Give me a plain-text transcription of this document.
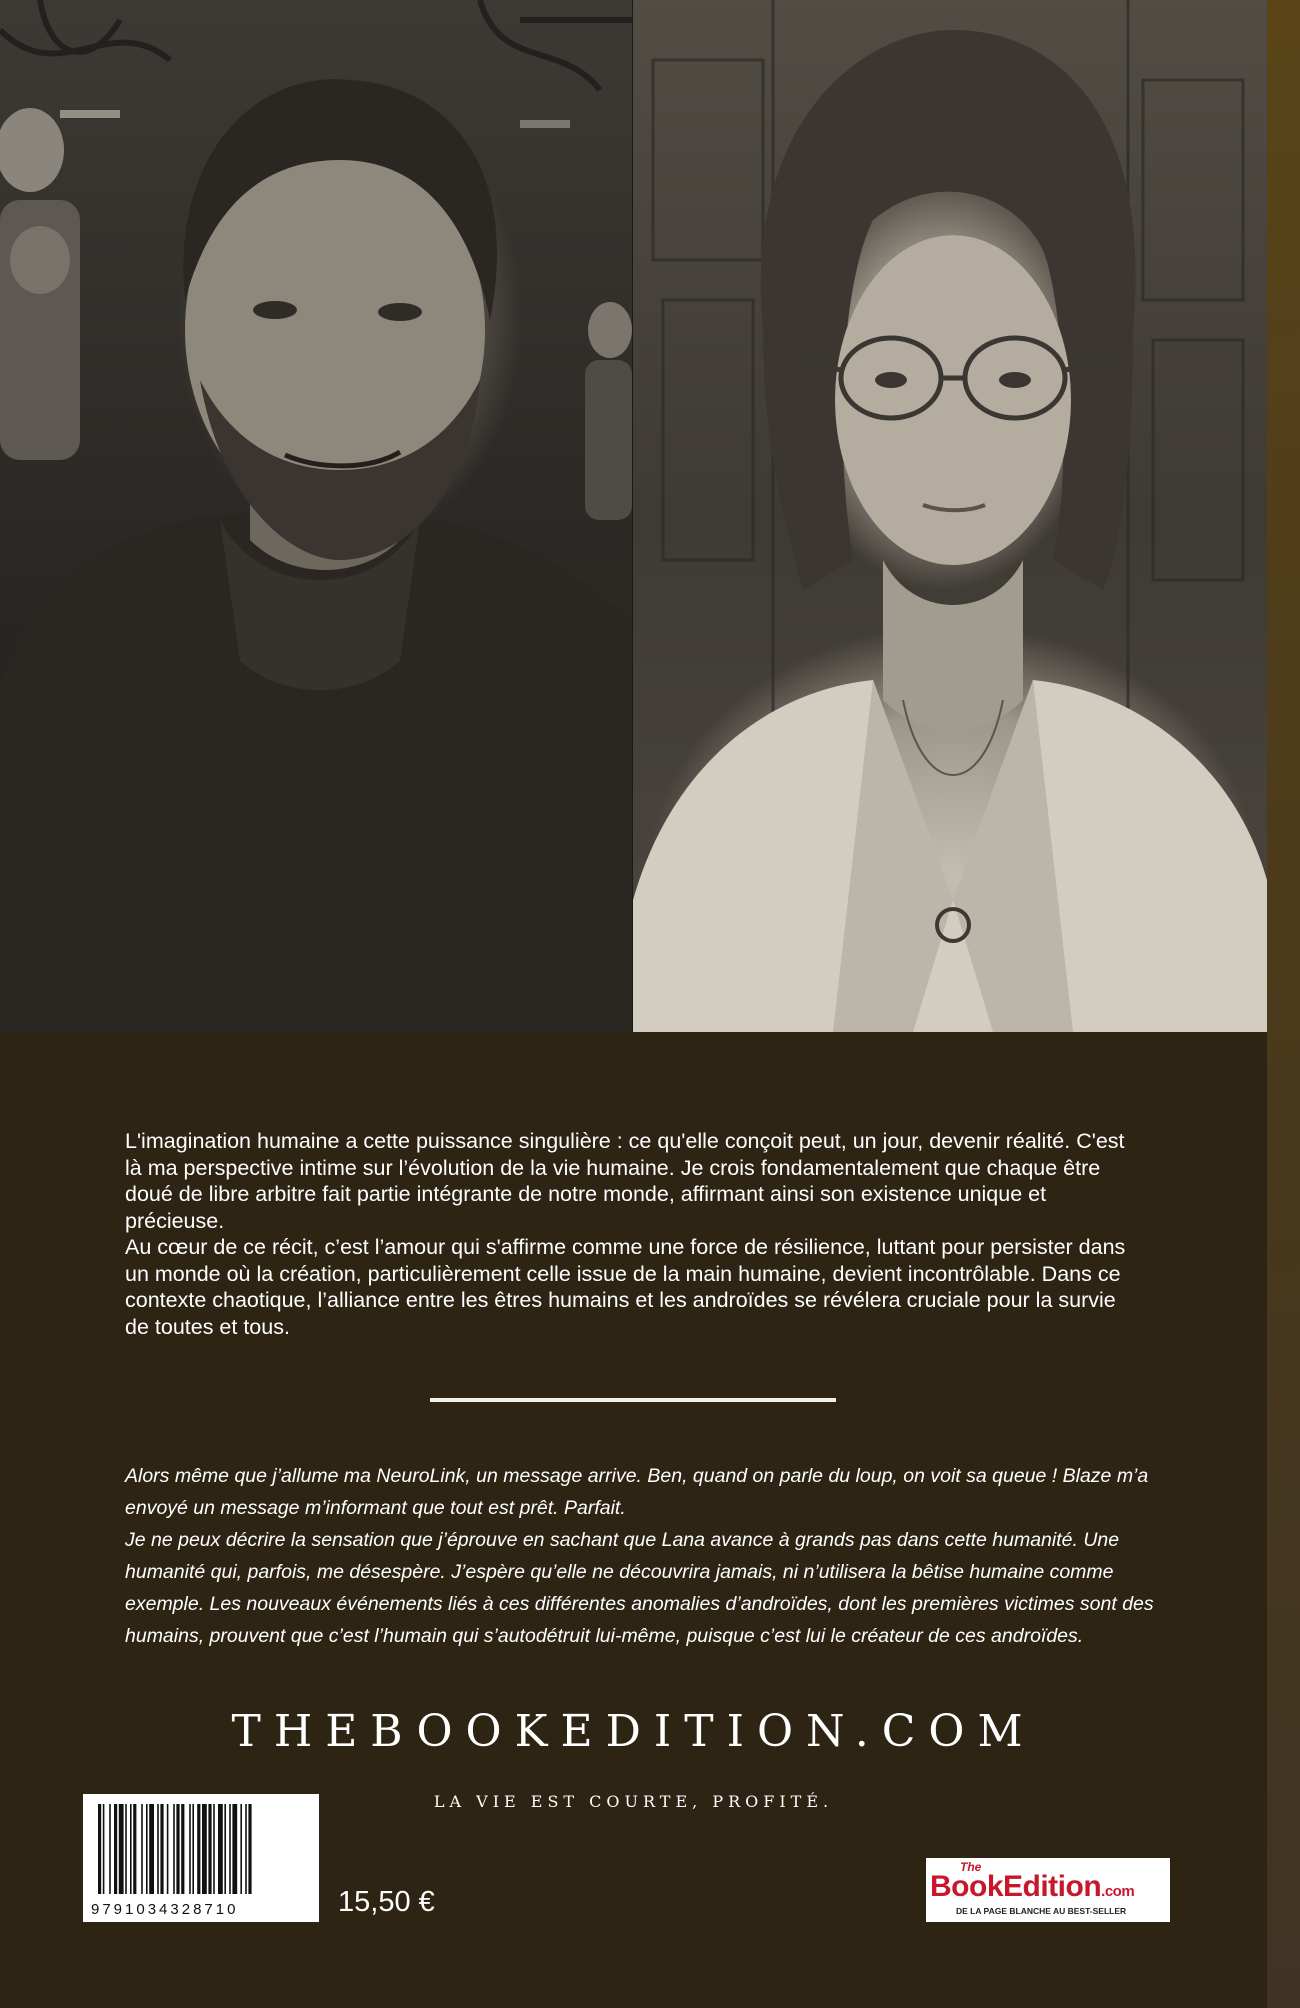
L'imagination humaine a cette puissance singulière : ce qu'elle conçoit peut, un jour, devenir réalité. C'est là ma perspective intime sur l’évolution de la vie humaine. Je crois fondamentalement que chaque être doué de libre arbitre fait partie intégrante de notre monde, affirmant ainsi son existence unique et précieuse.

Au cœur de ce récit, c’est l’amour qui s'affirme comme une force de résilience, luttant pour persister dans un monde où la création, particulièrement celle issue de la main humaine, devient incontrôlable. Dans ce contexte chaotique, l’alliance entre les êtres humains et les androïdes se révélera cruciale pour la survie de toutes et tous.

Alors même que j’allume ma NeuroLink, un message arrive. Ben, quand on parle du loup, on voit sa queue ! Blaze m’a envoyé un message m’informant que tout est prêt. Parfait.

Je ne peux décrire la sensation que j’éprouve en sachant que Lana avance à grands pas dans cette humanité. Une humanité qui, parfois, me désespère. J’espère qu’elle ne découvrira jamais, ni n’utilisera la bêtise humaine comme exemple. Les nouveaux événements liés à ces différentes anomalies d’androïdes, dont les premières victimes sont des humains, prouvent que c’est l’humain qui s’autodétruit lui-même, puisque c’est lui le créateur de ces androïdes.

THEBOOKEDITION.COM
LA VIE EST COURTE, PROFITÉ.
9791034328710	15,50 €
The
BookEdition.com
DE LA PAGE BLANCHE AU BEST-SELLER
